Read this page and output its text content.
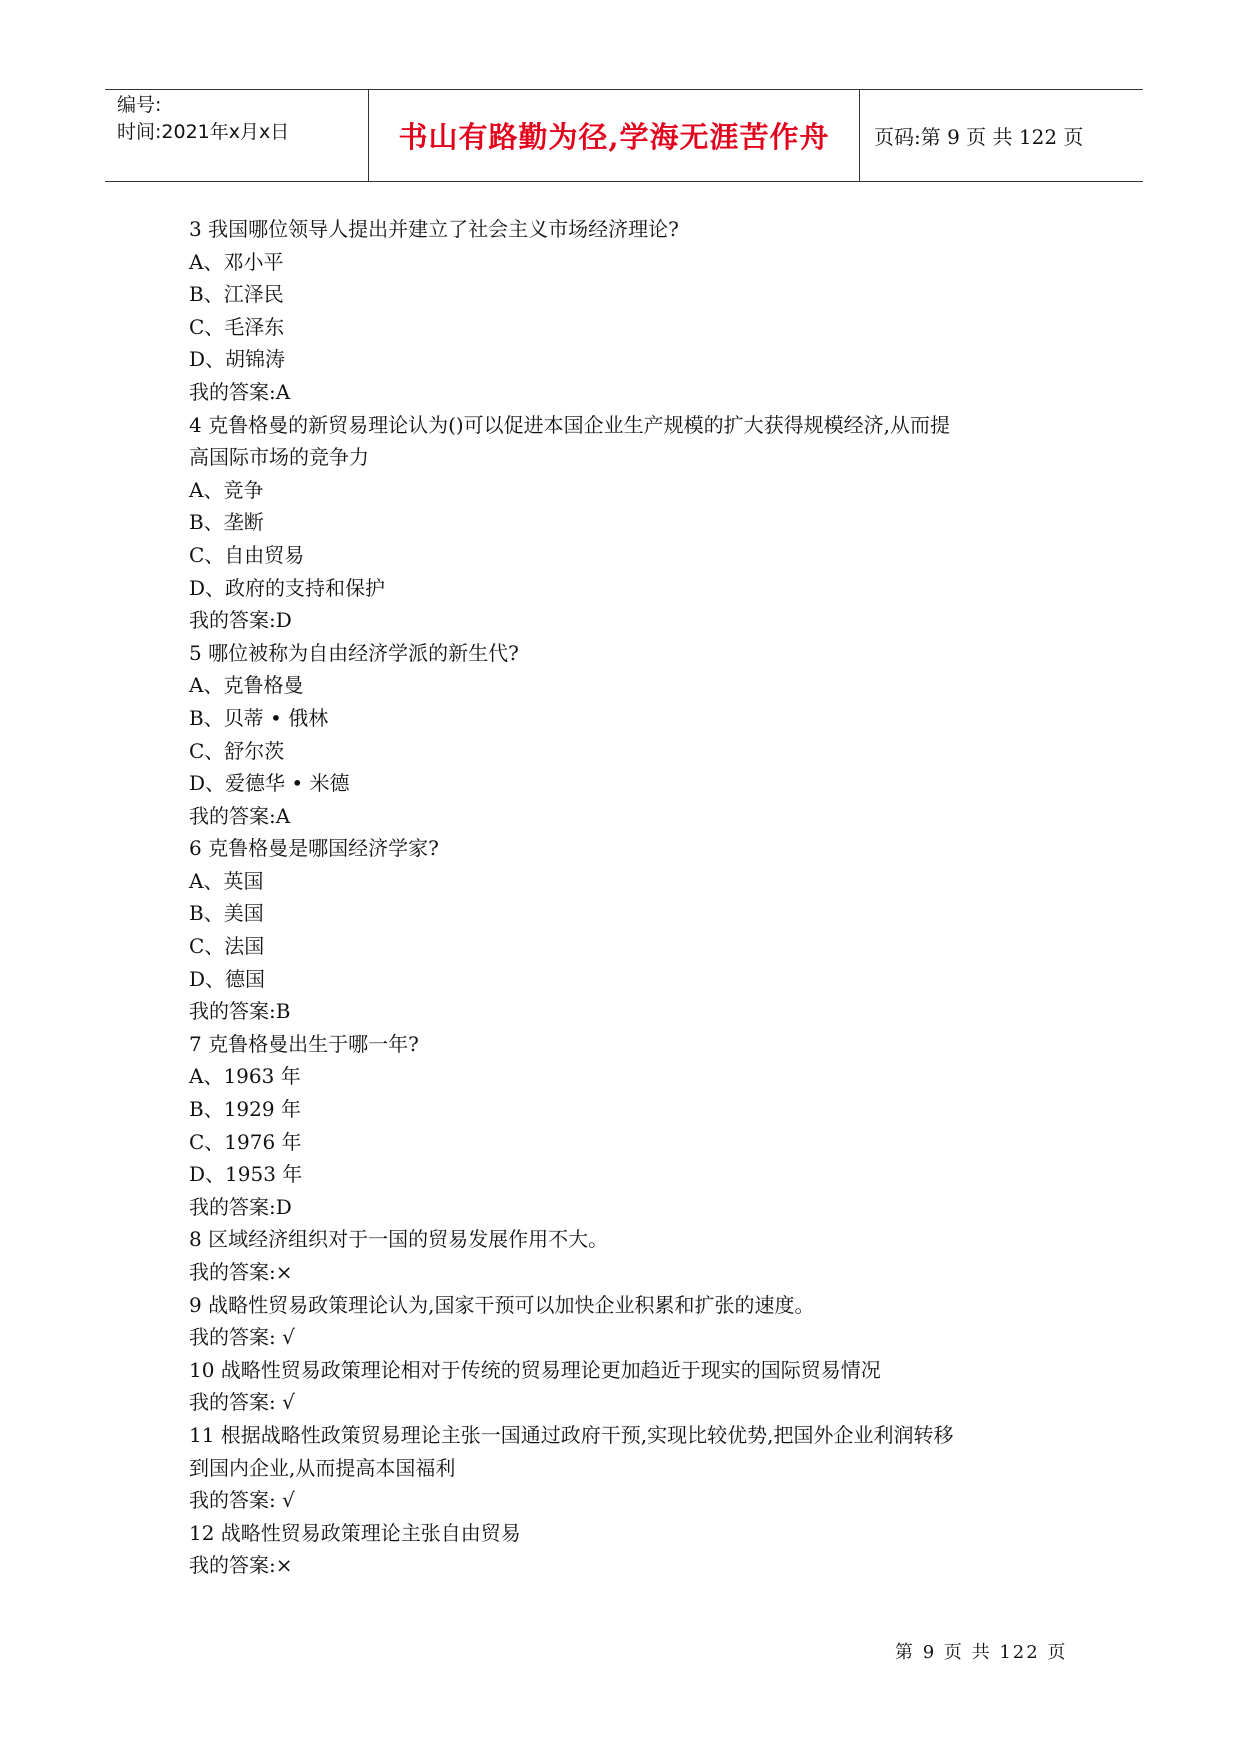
编号:
时间:2021年x月x日	书山有路勤为径,学海无涯苦作舟 页码:第 9 页 共 122 页
3 我国哪位领导人提出并建立了社会主义市场经济理论?
A、邓小平
B、江泽民
C、毛泽东
D、胡锦涛
我的答案:A
4 克鲁格曼的新贸易理论认为()可以促进本国企业生产规模的扩大获得规模经济,从而提
高国际市场的竞争力
A、竞争
B、垄断
C、自由贸易
D、政府的支持和保护
我的答案:D
5 哪位被称为自由经济学派的新生代?
A、克鲁格曼
B、贝蒂 • 俄林
C、舒尔茨
D、爱德华 • 米德
我的答案:A
6 克鲁格曼是哪国经济学家?
A、英国
B、美国
C、法国
D、德国
我的答案:B
7 克鲁格曼出生于哪一年?
A、1963 年
B、1929 年
C、1976 年
D、1953 年
我的答案:D
8 区域经济组织对于一国的贸易发展作用不大。
我的答案:×
9 战略性贸易政策理论认为,国家干预可以加快企业积累和扩张的速度。
我的答案: √
10 战略性贸易政策理论相对于传统的贸易理论更加趋近于现实的国际贸易情况
我的答案: √
11 根据战略性政策贸易理论主张一国通过政府干预,实现比较优势,把国外企业利润转移
到国内企业,从而提高本国福利
我的答案: √
12 战略性贸易政策理论主张自由贸易
我的答案:×
第 9 页 共 122 页
